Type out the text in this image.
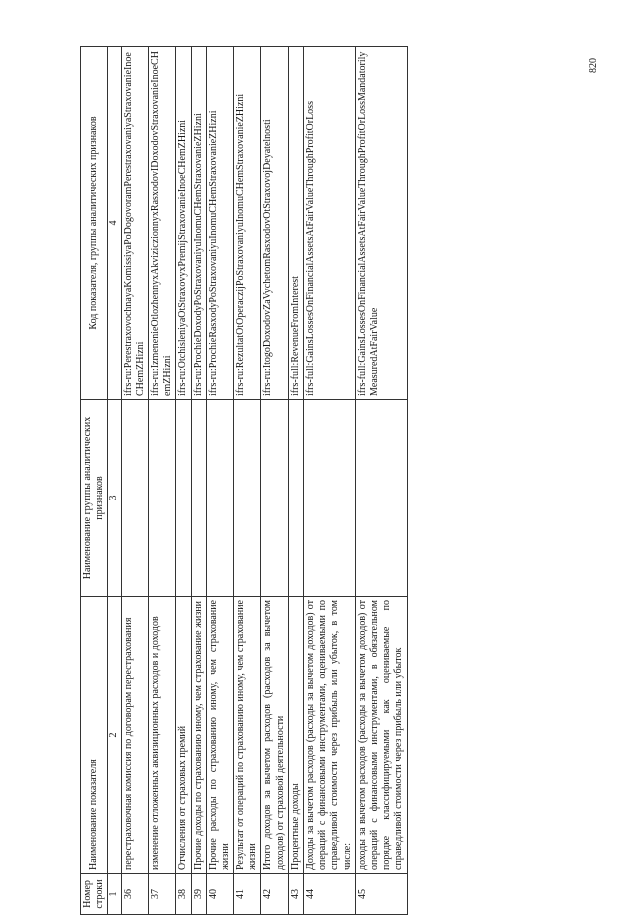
820
Номер строки	Наименование показателя	Наименование группы аналитических признаков	Код показателя, группы аналитических признаков
1	2	3	4
36	перестраховочная комиссия по договорам перестрахования		ifrs-ru:PerestraxovochnayaKomissiyaPoDogovoramPerestraxovaniyaStraxovanieInoeCHemZHizni
37	изменение отложенных аквизиционных расходов и доходов		ifrs-ru:IzmenenieOtlozhennyxAkviziczionnyxRasxodovIDoxodovStraxovanieInoeCHemZHizni
38	Отчисления от страховых премий		ifrs-ru:OtchisleniyaOtStraxovyxPremijStraxovanieInoeCHemZHizni
39	Прочие доходы по страхованию иному, чем страхование жизни		ifrs-ru:ProchieDoxodyPoStraxovaniyuInomuCHemStraxovanieZHizni
40	Прочие расходы по страхованию иному, чем страхование жизни		ifrs-ru:ProchieRasxodyPoStraxovaniyuInomuCHemStraxovanieZHizni
41	Результат от операций по страхованию иному, чем страхование жизни		ifrs-ru:RezultatOtOperaczijPoStraxovaniyuInomuCHemStraxovanieZHizni
42	Итого доходов за вычетом расходов (расходов за вычетом доходов) от страховой деятельности		ifrs-ru:ItogoDoxodovZaVychetomRasxodovOtStraxovojDeyatelnosti
43	Процентные доходы		ifrs-full:RevenueFromInterest
44	Доходы за вычетом расходов (расходы за вычетом доходов) от операций с финансовыми инструментами, оцениваемыми по справедливой стоимости через прибыль или убыток, в том числе:		ifrs-full:GainsLossesOnFinancialAssetsAtFairValueThroughProfitOrLoss
45	доходы за вычетом расходов (расходы за вычетом доходов) от операций с финансовыми инструментами, в обязательном порядке классифицируемыми как оцениваемые по справедливой стоимости через прибыль или убыток		ifrs-full:GainsLossesOnFinancialAssetsAtFairValueThroughProfitOrLossMandatorilyMeasuredAtFairValue
